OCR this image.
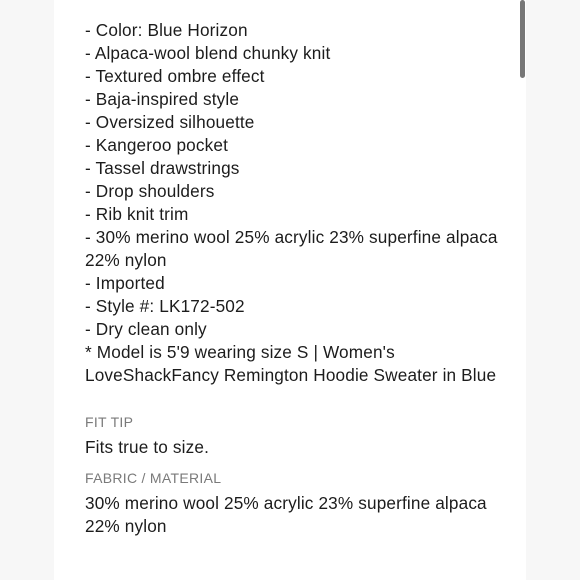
- Color: Blue Horizon
- Alpaca-wool blend chunky knit
- Textured ombre effect
- Baja-inspired style
- Oversized silhouette
- Kangeroo pocket
- Tassel drawstrings
- Drop shoulders
- Rib knit trim
- 30% merino wool 25% acrylic 23% superfine alpaca 22% nylon
- Imported
- Style #: LK172-502
- Dry clean only

* Model is 5'9 wearing size S | Women's LoveShackFancy Remington Hoodie Sweater in Blue

FIT TIP

Fits true to size.

FABRIC / MATERIAL

30% merino wool 25% acrylic 23% superfine alpaca 22% nylon
